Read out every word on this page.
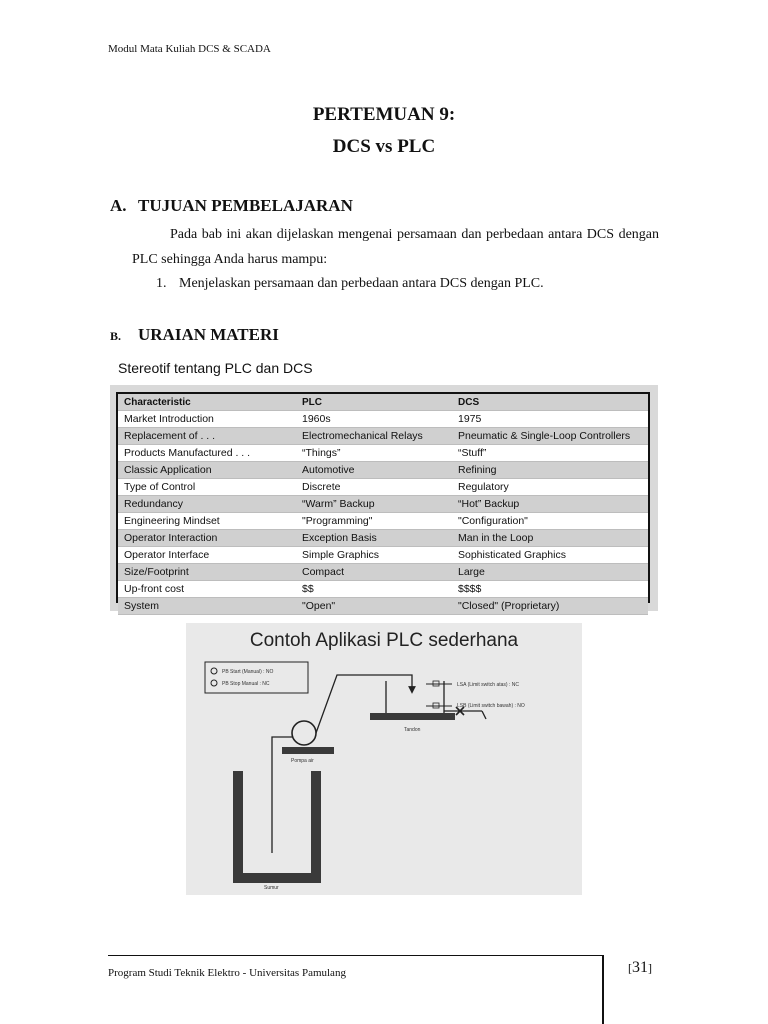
Modul Mata Kuliah DCS & SCADA
PERTEMUAN 9:
DCS vs PLC
A. TUJUAN PEMBELAJARAN
Pada bab ini akan dijelaskan mengenai persamaan dan perbedaan antara DCS dengan PLC sehingga Anda harus mampu:
1. Menjelaskan persamaan dan perbedaan antara DCS dengan PLC.
B. URAIAN MATERI
Stereotif tentang PLC dan DCS
Characteristic	PLC	DCS
Market Introduction	1960s	1975
Replacement of . . .	Electromechanical Relays	Pneumatic & Single-Loop Controllers
Products Manufactured . . .	“Things”	“Stuff”
Classic Application	Automotive	Refining
Type of Control	Discrete	Regulatory
Redundancy	“Warm” Backup	“Hot” Backup
Engineering Mindset	"Programming"	"Configuration"
Operator Interaction	Exception Basis	Man in the Loop
Operator Interface	Simple Graphics	Sophisticated Graphics
Size/Footprint	Compact	Large
Up-front cost	$$	$$$$
System	"Open"	"Closed" (Proprietary)
Contoh Aplikasi PLC sederhana
PB Start (Manual) : NO
PB Stop Manual : NC
Sumur
Pompa air
Tandon
LSA (Limit switch atas) : NC
LSB (Limit switch bawah) : NO
Program Studi Teknik Elektro - Universitas Pamulang	[31]
